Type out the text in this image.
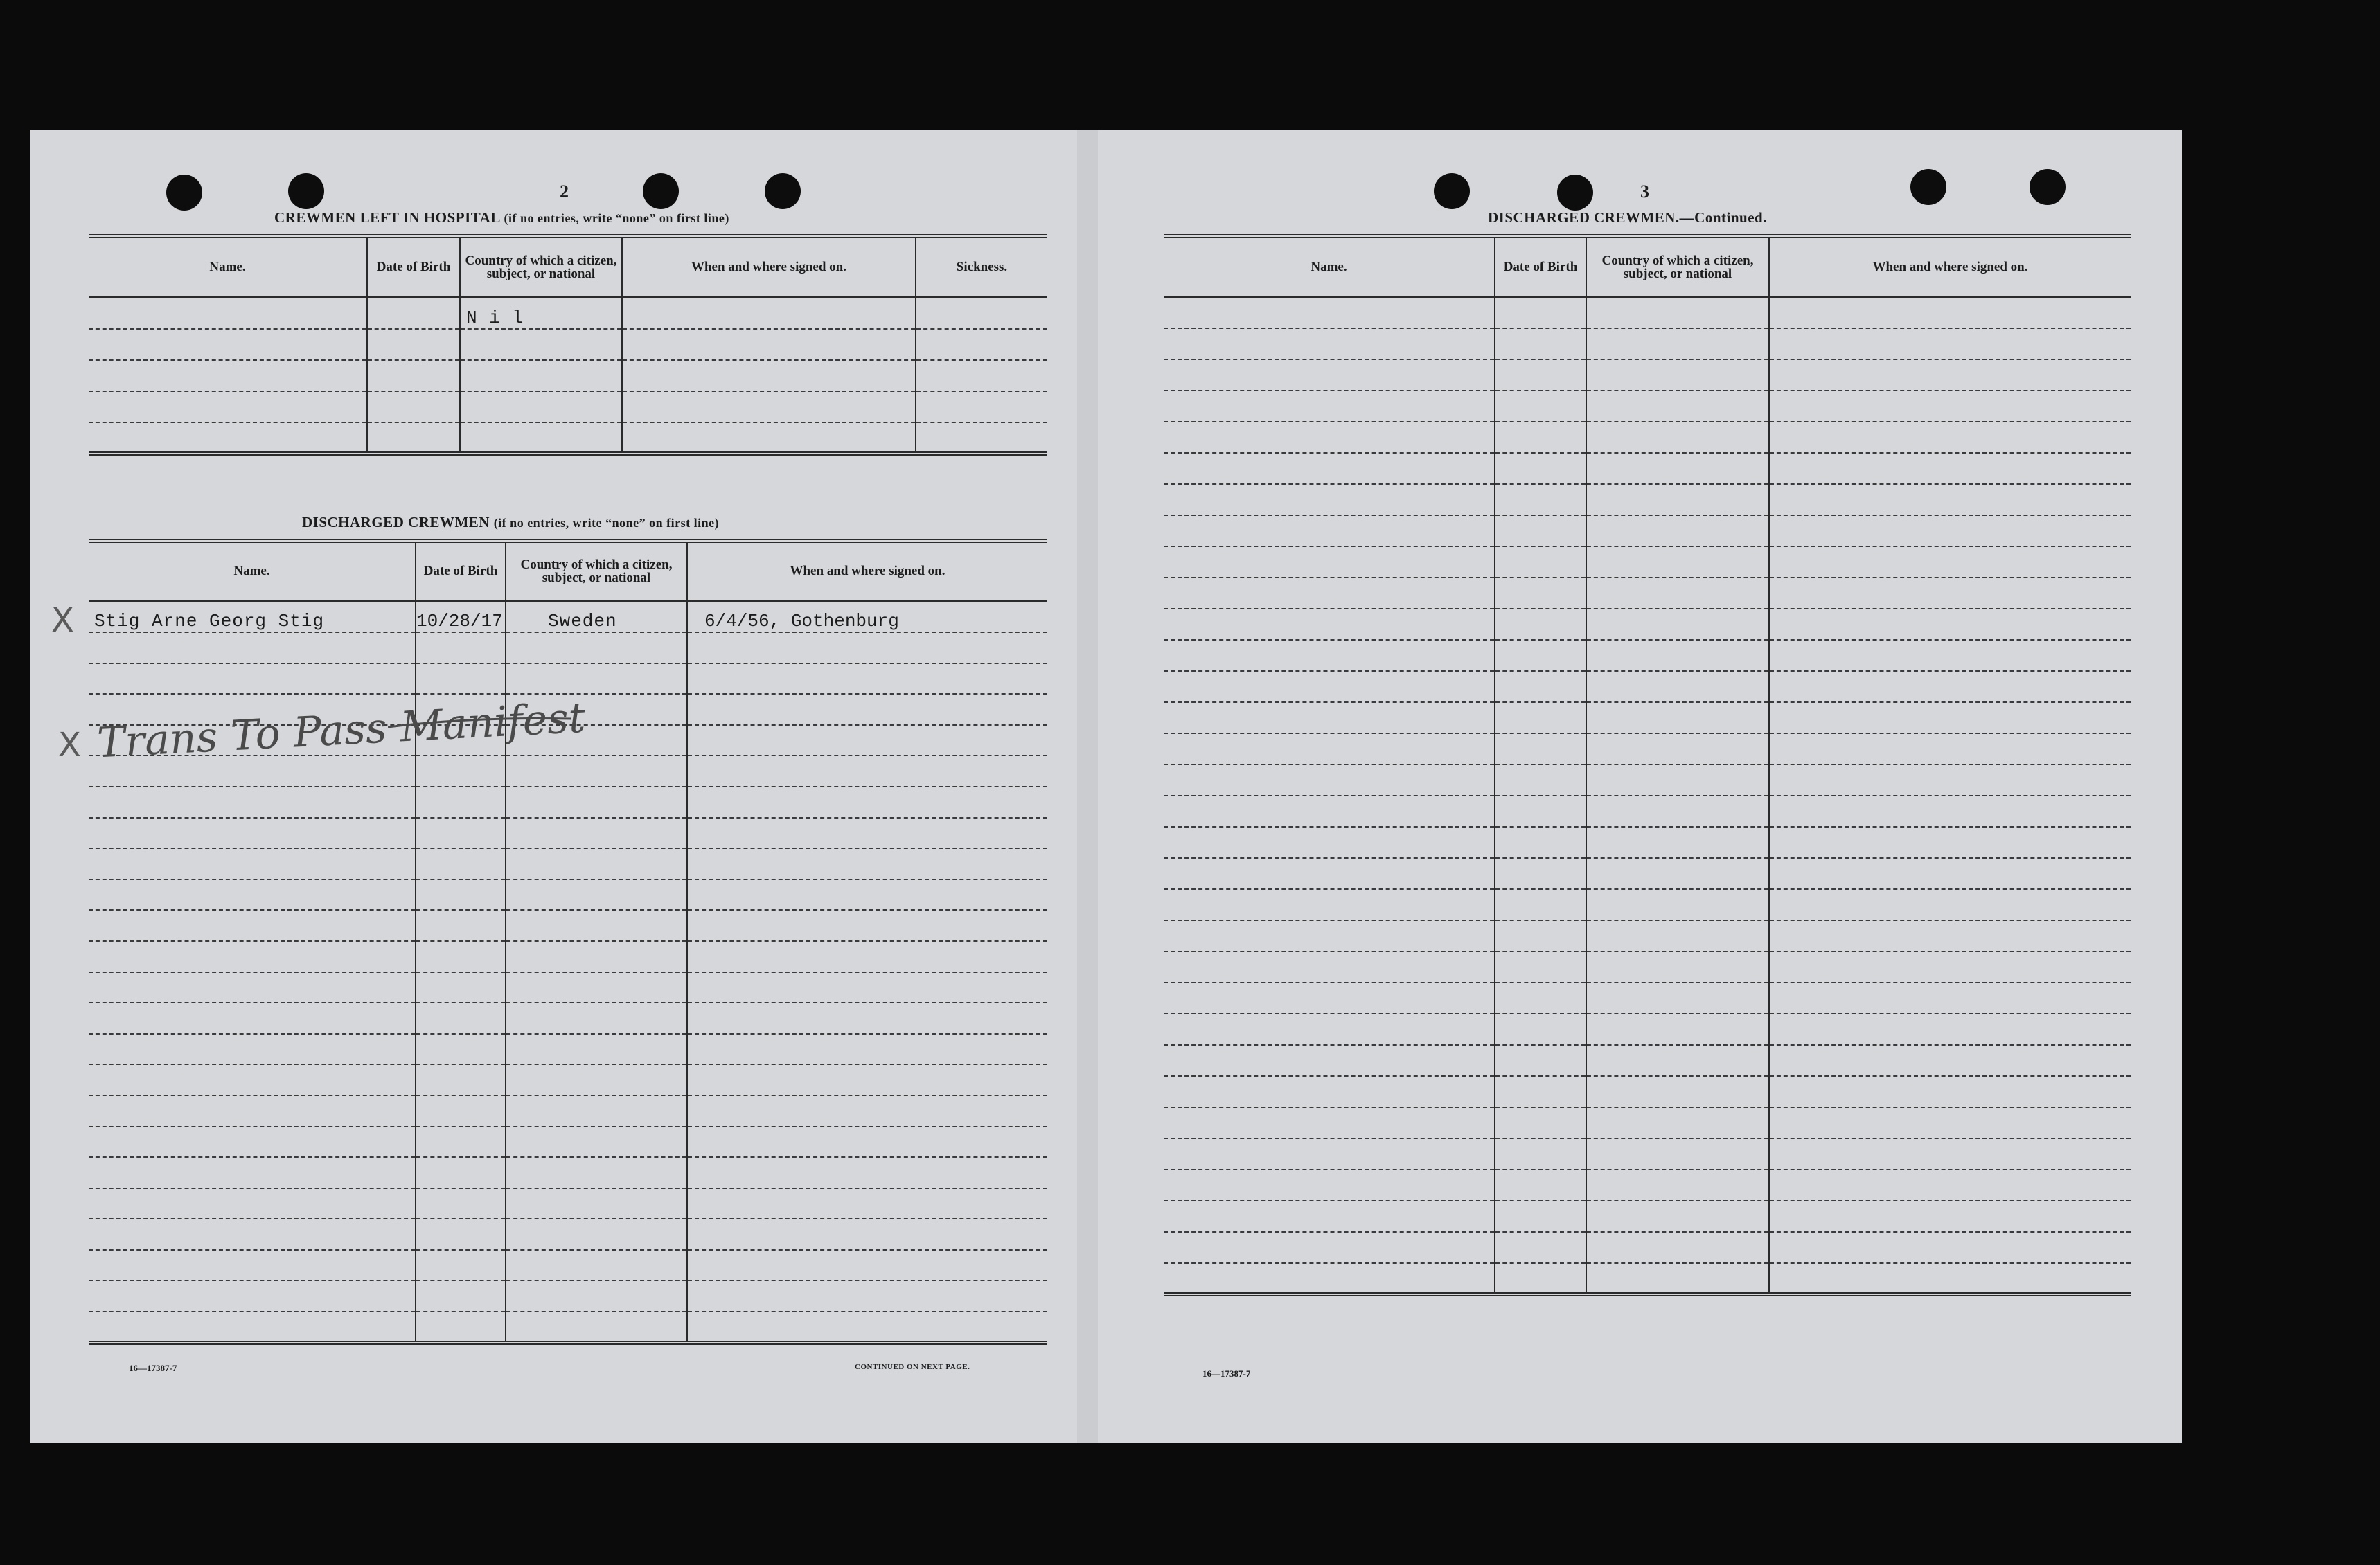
2
CREWMEN LEFT IN HOSPITAL (if no entries, write “none” on first line)
Name.	Date of Birth	Country of which a citizen, subject, or national	When and where signed on.	Sickness.
		N i l		

DISCHARGED CREWMEN (if no entries, write “none” on first line)
Name.	Date of Birth	Country of which a citizen, subject, or national	When and where signed on.
Stig Arne Georg Stig	10/28/17	Sweden	6/4/56, Gothenburg

X
X Trans To Pass Manifest
16—17387-7	CONTINUED ON NEXT PAGE.
3
DISCHARGED CREWMEN.—Continued.
Name.	Date of Birth	Country of which a citizen, subject, or national	When and where signed on.

16—17387-7
